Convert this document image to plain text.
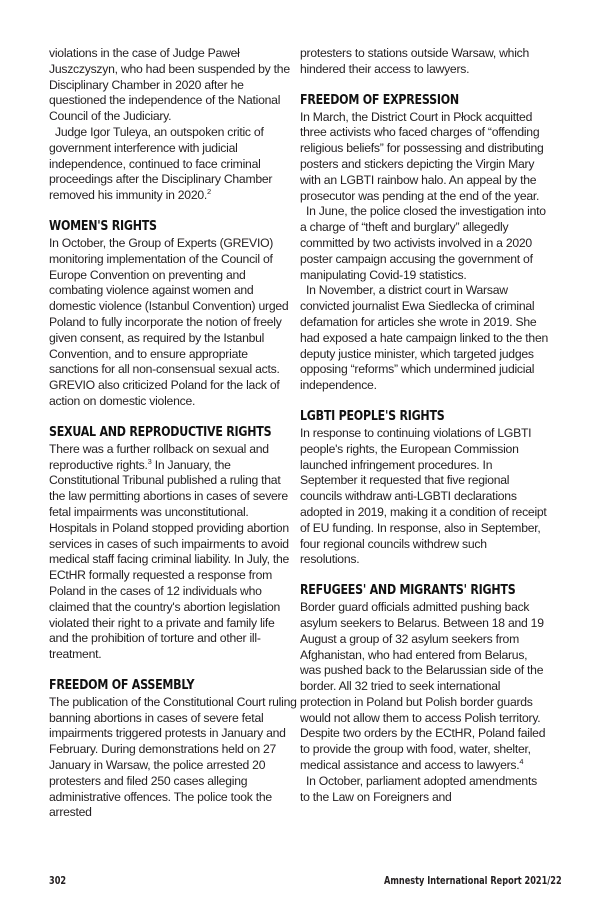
violations in the case of Judge Paweł Juszczyszyn, who had been suspended by the Disciplinary Chamber in 2020 after he questioned the independence of the National Council of the Judiciary.

Judge Igor Tuleya, an outspoken critic of government interference with judicial independence, continued to face criminal proceedings after the Disciplinary Chamber removed his immunity in 2020.$^2$

WOMEN'S RIGHTS

In October, the Group of Experts (GREVIO) monitoring implementation of the Council of Europe Convention on preventing and combating violence against women and domestic violence (Istanbul Convention) urged Poland to fully incorporate the notion of freely given consent, as required by the Istanbul Convention, and to ensure appropriate sanctions for all non-consensual sexual acts. GREVIO also criticized Poland for the lack of action on domestic violence.

SEXUAL AND REPRODUCTIVE RIGHTS

There was a further rollback on sexual and reproductive rights.$^3$ In January, the Constitutional Tribunal published a ruling that the law permitting abortions in cases of severe fetal impairments was unconstitutional. Hospitals in Poland stopped providing abortion services in cases of such impairments to avoid medical staff facing criminal liability. In July, the ECtHR formally requested a response from Poland in the cases of 12 individuals who claimed that the country's abortion legislation violated their right to a private and family life and the prohibition of torture and other ill-treatment.

FREEDOM OF ASSEMBLY

The publication of the Constitutional Court ruling banning abortions in cases of severe fetal impairments triggered protests in January and February. During demonstrations held on 27 January in Warsaw, the police arrested 20 protesters and filed 250 cases alleging administrative offences. The police took the arrested

protesters to stations outside Warsaw, which hindered their access to lawyers.

FREEDOM OF EXPRESSION

In March, the District Court in Płock acquitted three activists who faced charges of “offending religious beliefs” for possessing and distributing posters and stickers depicting the Virgin Mary with an LGBTI rainbow halo. An appeal by the prosecutor was pending at the end of the year.

In June, the police closed the investigation into a charge of “theft and burglary” allegedly committed by two activists involved in a 2020 poster campaign accusing the government of manipulating Covid-19 statistics.

In November, a district court in Warsaw convicted journalist Ewa Siedlecka of criminal defamation for articles she wrote in 2019. She had exposed a hate campaign linked to the then deputy justice minister, which targeted judges opposing “reforms” which undermined judicial independence.

LGBTI PEOPLE'S RIGHTS

In response to continuing violations of LGBTI people's rights, the European Commission launched infringement procedures. In September it requested that five regional councils withdraw anti-LGBTI declarations adopted in 2019, making it a condition of receipt of EU funding. In response, also in September, four regional councils withdrew such resolutions.

REFUGEES' AND MIGRANTS' RIGHTS

Border guard officials admitted pushing back asylum seekers to Belarus. Between 18 and 19 August a group of 32 asylum seekers from Afghanistan, who had entered from Belarus, was pushed back to the Belarussian side of the border. All 32 tried to seek international protection in Poland but Polish border guards would not allow them to access Polish territory. Despite two orders by the ECtHR, Poland failed to provide the group with food, water, shelter, medical assistance and access to lawyers.$^4$

In October, parliament adopted amendments to the Law on Foreigners and

302	Amnesty International Report 2021/22
